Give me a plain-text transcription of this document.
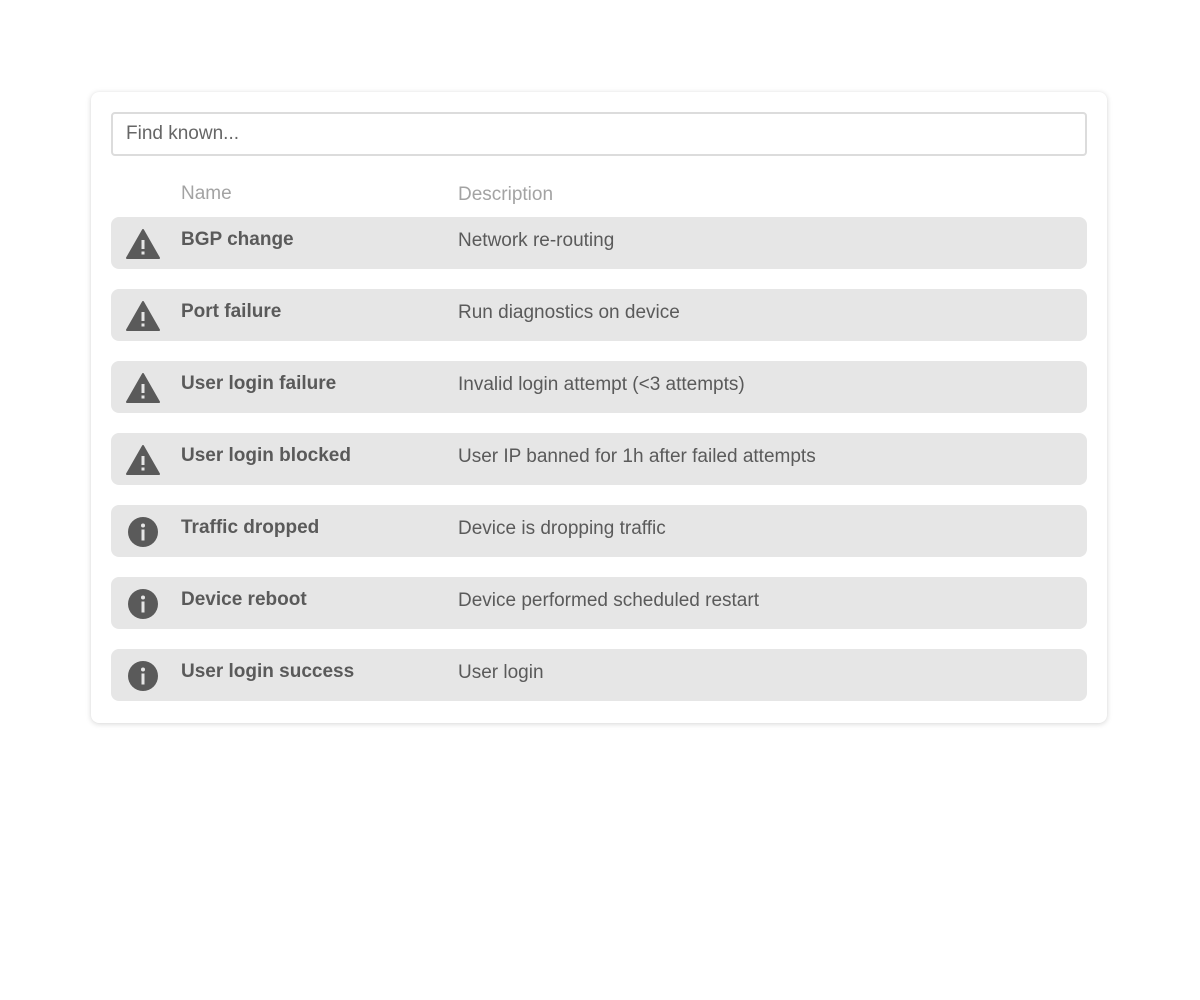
Find known...
Name	Description
BGP change	Network re-routing
Port failure	Run diagnostics on device
User login failure	Invalid login attempt (<3 attempts)
User login blocked	User IP banned for 1h after failed attempts
Traffic dropped	Device is dropping traffic
Device reboot	Device performed scheduled restart
User login success	User login
